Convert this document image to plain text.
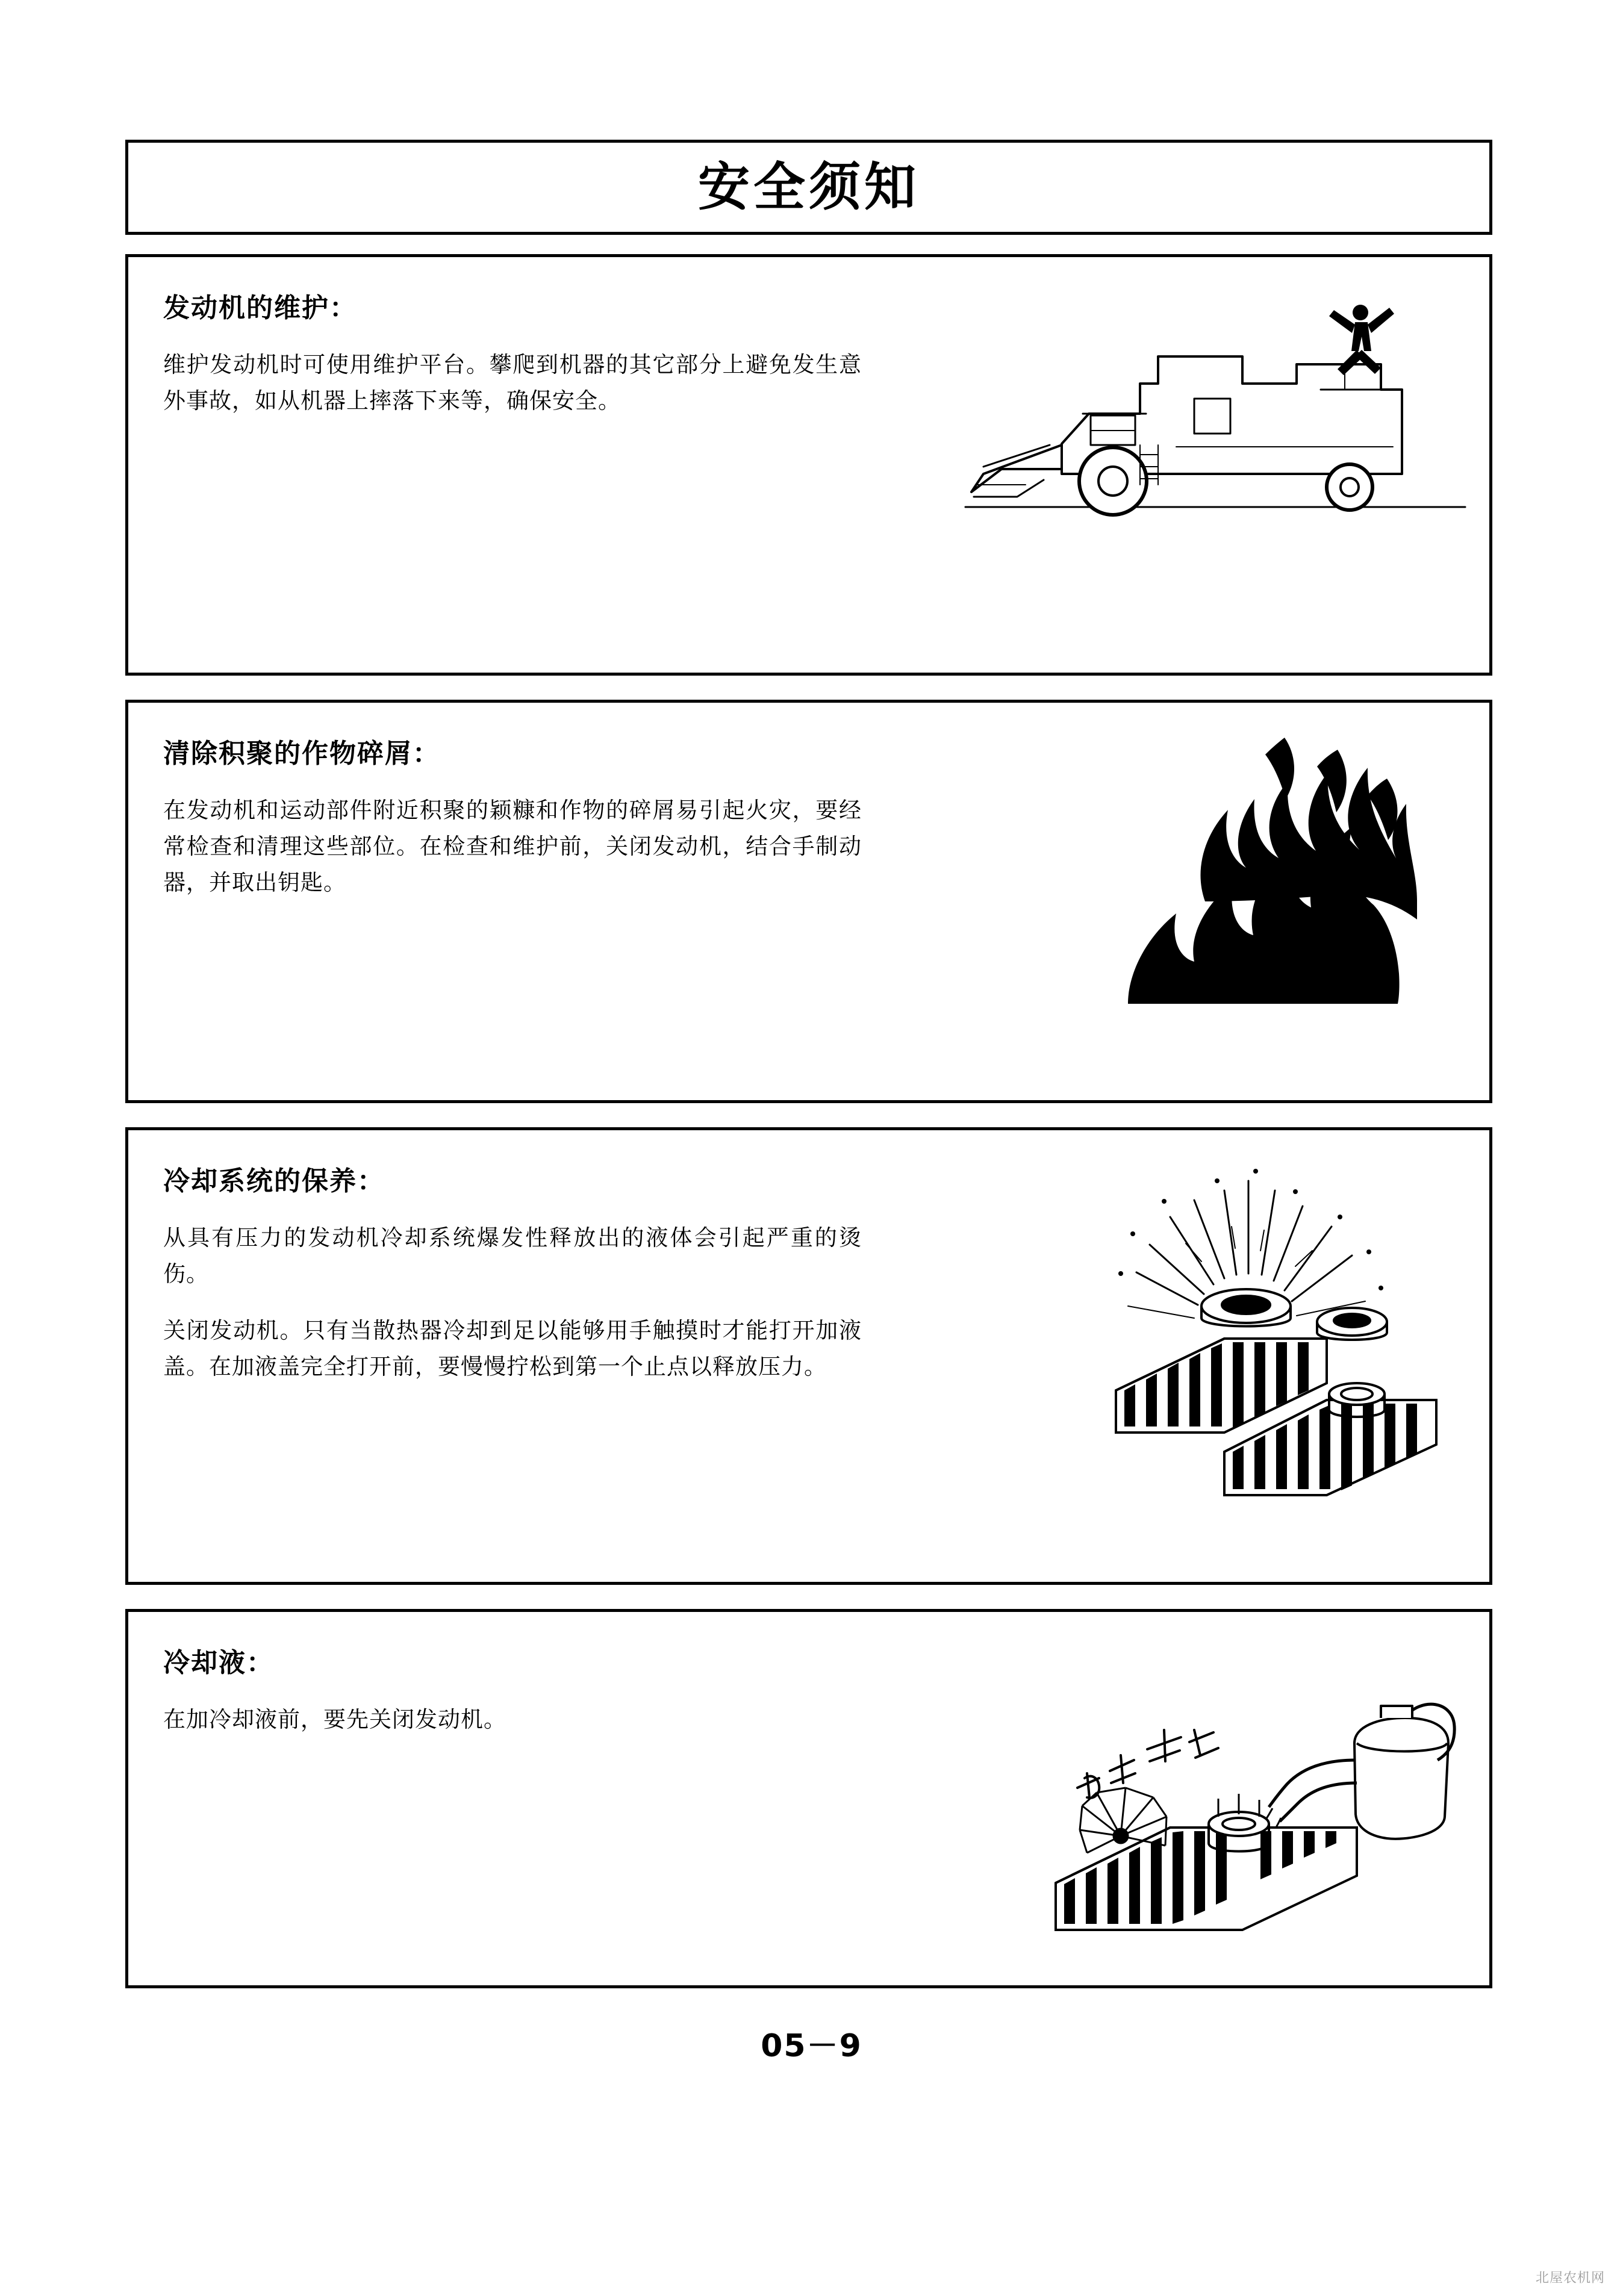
安全须知
发动机的维护：

维护发动机时可使用维护平台。攀爬到机器的其它部分上避免发生意外事故，如从机器上摔落下来等，确保安全。

清除积聚的作物碎屑：

在发动机和运动部件附近积聚的颖糠和作物的碎屑易引起火灾，要经常检查和清理这些部位。在检查和维护前，关闭发动机，结合手制动器，并取出钥匙。

冷却系统的保养：

从具有压力的发动机冷却系统爆发性释放出的液体会引起严重的烫伤。

关闭发动机。只有当散热器冷却到足以能够用手触摸时才能打开加液盖。在加液盖完全打开前，要慢慢拧松到第一个止点以释放压力。

冷却液：

在加冷却液前，要先关闭发动机。

05－9
北屋农机网
